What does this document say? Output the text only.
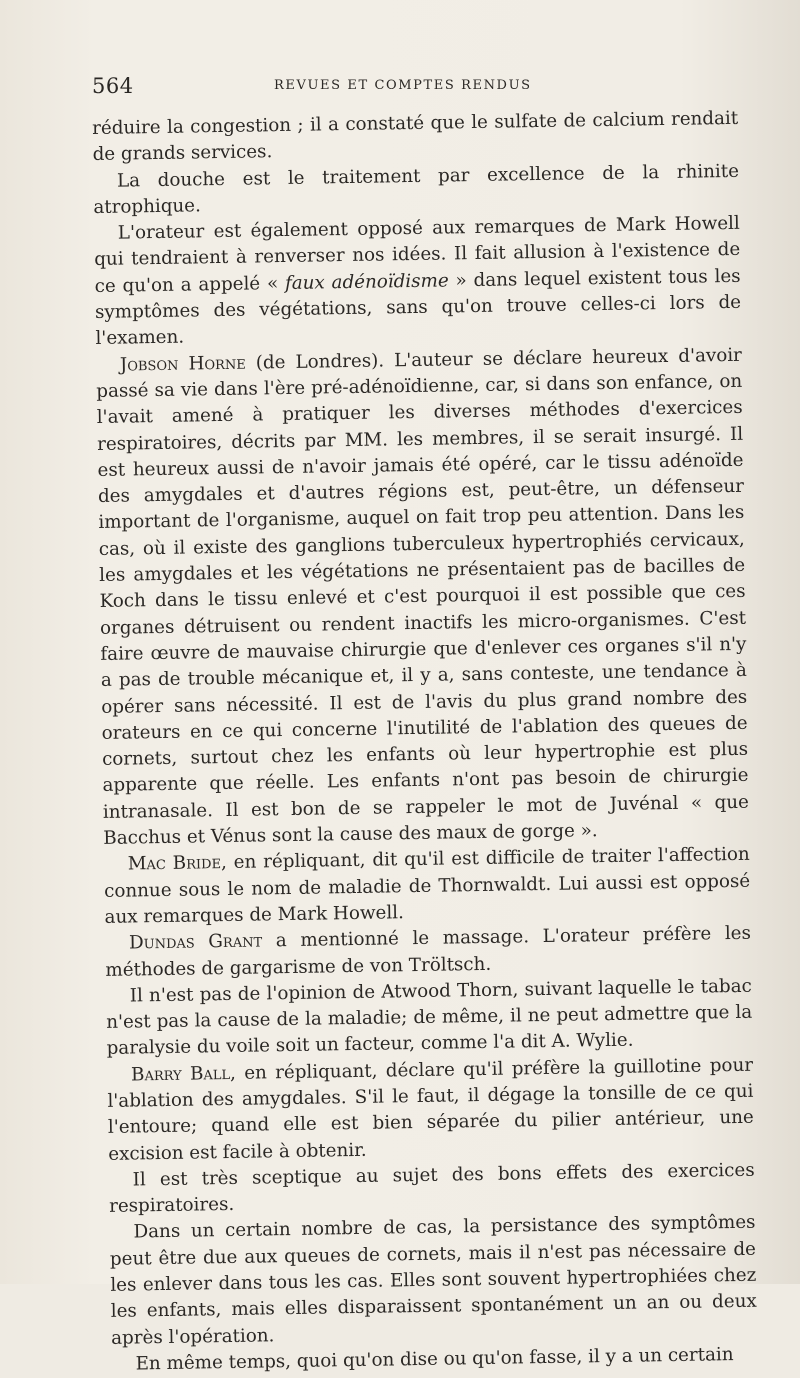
564	REVUES ET COMPTES RENDUS

réduire la congestion ; il a constaté que le sulfate de calcium rendait de grands services.

La douche est le traitement par excellence de la rhinite atrophique.

L'orateur est également opposé aux remarques de Mark Howell qui tendraient à renverser nos idées. Il fait allusion à l'existence de ce qu'on a appelé « faux adénoïdisme » dans lequel existent tous les symptômes des végétations, sans qu'on trouve celles-ci lors de l'examen.

Jobson Horne (de Londres). L'auteur se déclare heureux d'avoir passé sa vie dans l'ère pré-adénoïdienne, car, si dans son enfance, on l'avait amené à pratiquer les diverses méthodes d'exercices respiratoires, décrits par MM. les membres, il se serait insurgé. Il est heureux aussi de n'avoir jamais été opéré, car le tissu adénoïde des amygdales et d'autres régions est, peut-être, un défenseur important de l'organisme, auquel on fait trop peu attention. Dans les cas, où il existe des ganglions tuberculeux hypertrophiés cervicaux, les amygdales et les végétations ne présentaient pas de bacilles de Koch dans le tissu enlevé et c'est pourquoi il est possible que ces organes détruisent ou rendent inactifs les micro-organismes. C'est faire œuvre de mauvaise chirurgie que d'enlever ces organes s'il n'y a pas de trouble mécanique et, il y a, sans conteste, une tendance à opérer sans nécessité. Il est de l'avis du plus grand nombre des orateurs en ce qui concerne l'inutilité de l'ablation des queues de cornets, surtout chez les enfants où leur hypertrophie est plus apparente que réelle. Les enfants n'ont pas besoin de chirurgie intranasale. Il est bon de se rappeler le mot de Juvénal « que Bacchus et Vénus sont la cause des maux de gorge ».

Mac Bride, en répliquant, dit qu'il est difficile de traiter l'affection connue sous le nom de maladie de Thornwaldt. Lui aussi est opposé aux remarques de Mark Howell.

Dundas Grant a mentionné le massage. L'orateur préfère les méthodes de gargarisme de von Tröltsch.

Il n'est pas de l'opinion de Atwood Thorn, suivant laquelle le tabac n'est pas la cause de la maladie; de même, il ne peut admettre que la paralysie du voile soit un facteur, comme l'a dit A. Wylie.

Barry Ball, en répliquant, déclare qu'il préfère la guillotine pour l'ablation des amygdales. S'il le faut, il dégage la tonsille de ce qui l'entoure; quand elle est bien séparée du pilier antérieur, une excision est facile à obtenir.

Il est très sceptique au sujet des bons effets des exercices respiratoires.

Dans un certain nombre de cas, la persistance des symptômes peut être due aux queues de cornets, mais il n'est pas nécessaire de les enlever dans tous les cas. Elles sont souvent hypertrophiées chez les enfants, mais elles disparaissent spontanément un an ou deux après l'opération.

En même temps, quoi qu'on dise ou qu'on fasse, il y a un certain
